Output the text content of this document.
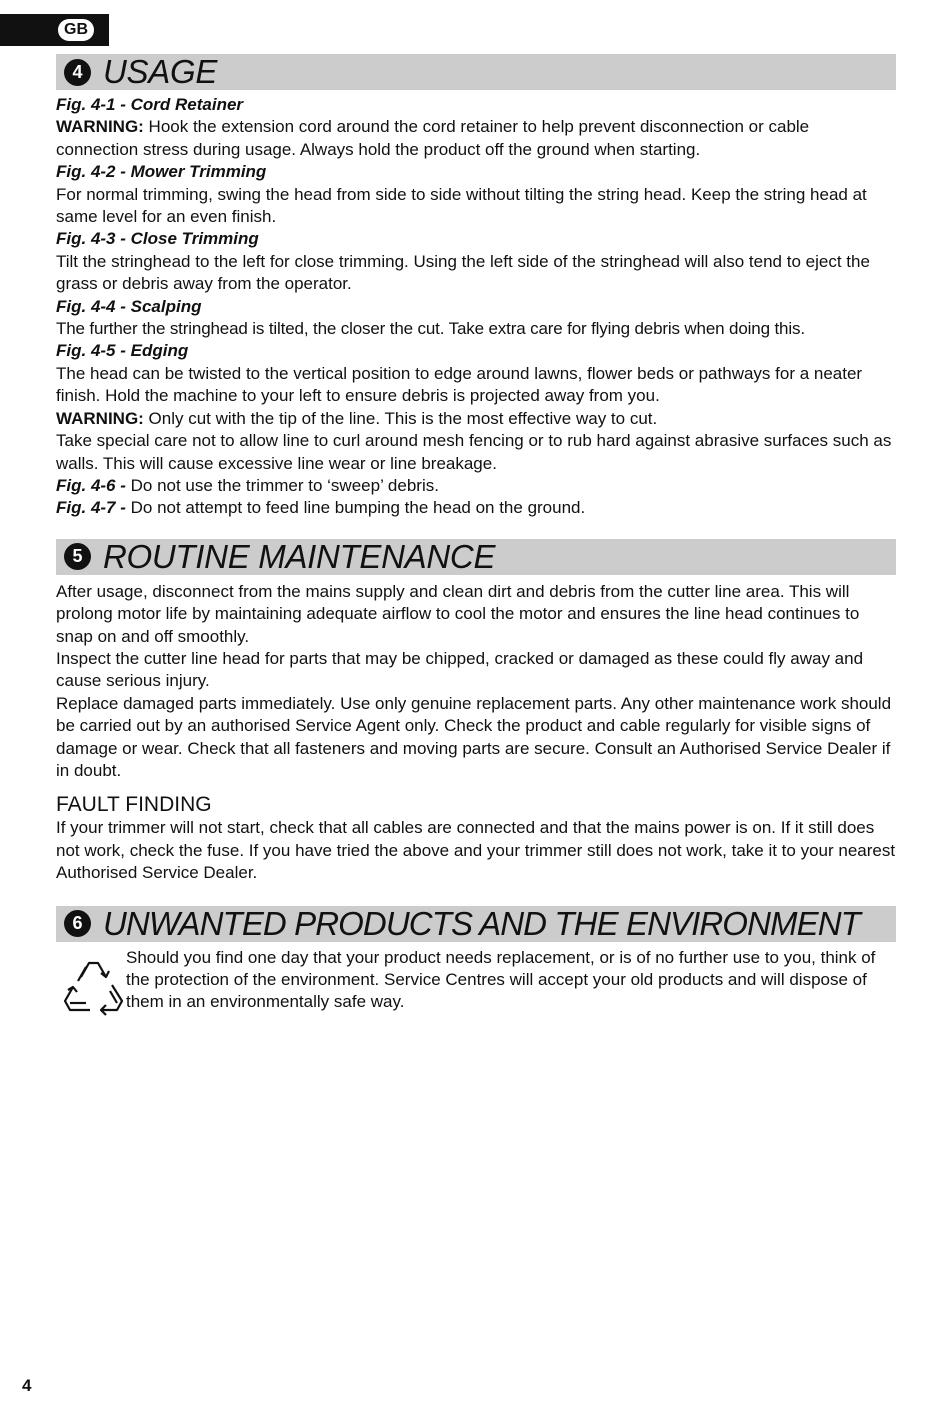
GB
4 USAGE

Fig. 4-1 - Cord Retainer

WARNING: Hook the extension cord around the cord retainer to help prevent disconnection or cable connection stress during usage. Always hold the product off the ground when starting.

Fig. 4-2 - Mower Trimming

For normal trimming, swing the head from side to side without tilting the string head. Keep the string head at same level for an even finish.

Fig. 4-3 - Close Trimming

Tilt the stringhead to the left for close trimming. Using the left side of the stringhead will also tend to eject the grass or debris away from the operator.

Fig. 4-4 - Scalping

The further the stringhead is tilted, the closer the cut. Take extra care for flying debris when doing this.

Fig. 4-5 - Edging

The head can be twisted to the vertical position to edge around lawns, flower beds or pathways for a neater finish. Hold the machine to your left to ensure debris is projected away from you.

WARNING: Only cut with the tip of the line. This is the most effective way to cut.

Take special care not to allow line to curl around mesh fencing or to rub hard against abrasive surfaces such as walls. This will cause excessive line wear or line breakage.

Fig. 4-6 - Do not use the trimmer to ‘sweep’ debris.

Fig. 4-7 - Do not attempt to feed line bumping the head on the ground.

5 ROUTINE MAINTENANCE

After usage, disconnect from the mains supply and clean dirt and debris from the cutter line area. This will prolong motor life by maintaining adequate airflow to cool the motor and ensures the line head continues to snap on and off smoothly.

Inspect the cutter line head for parts that may be chipped, cracked or damaged as these could fly away and cause serious injury.

Replace damaged parts immediately. Use only genuine replacement parts. Any other maintenance work should be carried out by an authorised Service Agent only. Check the product and cable regularly for visible signs of damage or wear. Check that all fasteners and moving parts are secure. Consult an Authorised Service Dealer if in doubt.

FAULT FINDING

If your trimmer will not start, check that all cables are connected and that the mains power is on. If it still does not work, check the fuse. If you have tried the above and your trimmer still does not work, take it to your nearest Authorised Service Dealer.

6 UNWANTED PRODUCTS AND THE ENVIRONMENT

Should you find one day that your product needs replacement, or is of no further use to you, think of the protection of the environment. Service Centres will accept your old products and will dispose of them in an environmentally safe way.

4
